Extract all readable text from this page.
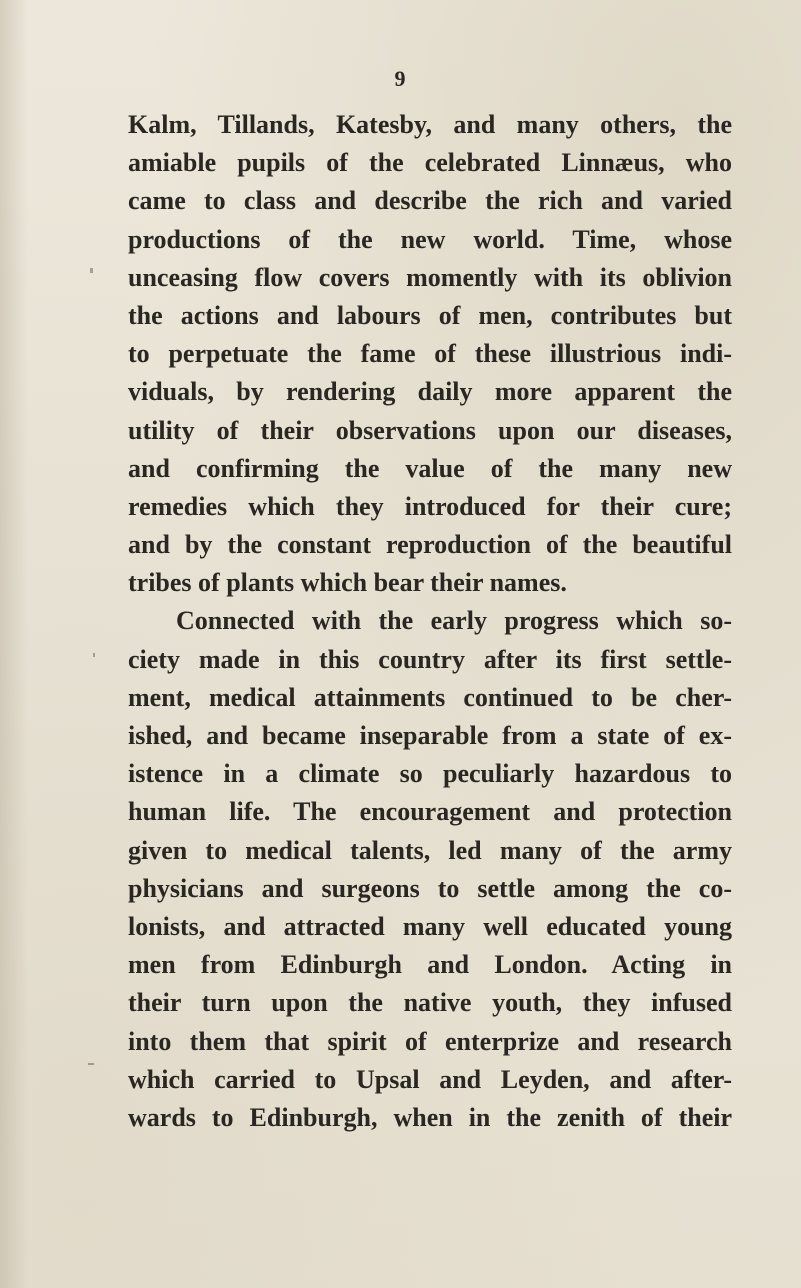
9
Kalm, Tillands, Katesby, and many others, the
amiable pupils of the celebrated Linnæus, who
came to class and describe the rich and varied
productions of the new world. Time, whose
unceasing flow covers momently with its oblivion
the actions and labours of men, contributes but
to perpetuate the fame of these illustrious indi-
viduals, by rendering daily more apparent the
utility of their observations upon our diseases,
and confirming the value of the many new
remedies which they introduced for their cure;
and by the constant reproduction of the beautiful
tribes of plants which bear their names.
Connected with the early progress which so-
ciety made in this country after its first settle-
ment, medical attainments continued to be cher-
ished, and became inseparable from a state of ex-
istence in a climate so peculiarly hazardous to
human life. The encouragement and protection
given to medical talents, led many of the army
physicians and surgeons to settle among the co-
lonists, and attracted many well educated young
men from Edinburgh and London. Acting in
their turn upon the native youth, they infused
into them that spirit of enterprize and research
which carried to Upsal and Leyden, and after-
wards to Edinburgh, when in the zenith of their
